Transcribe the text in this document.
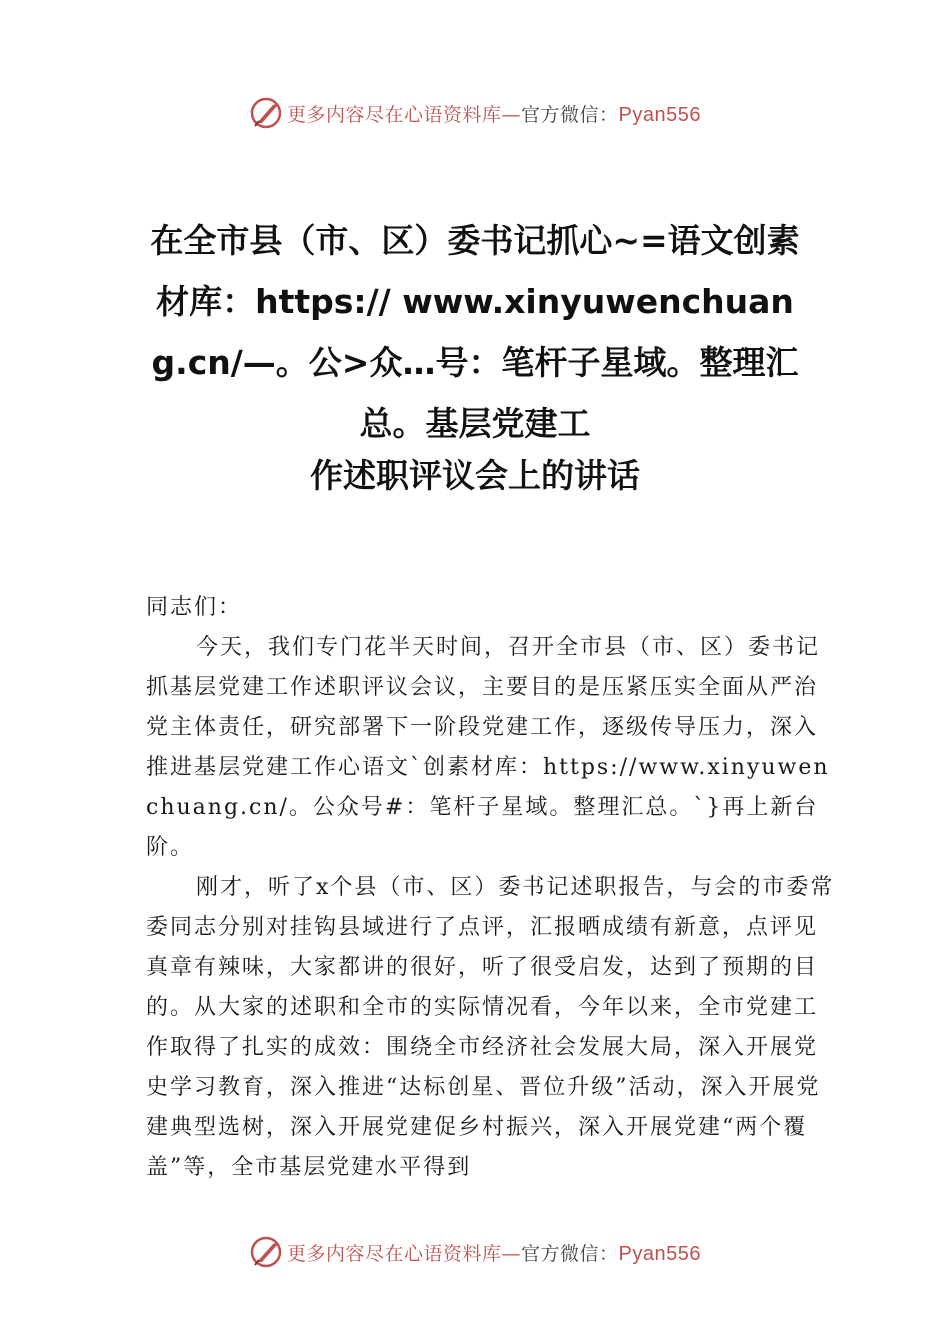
更多内容尽在心语资料库—官方微信：Pyan556
在全市县（市、区）委书记抓心~=语文创素材库：https:// www.xinyuwenchuang.cn/—。公>众…号：笔杆子星域。整理汇总。基层党建工
作述职评议会上的讲话

同志们：

今天，我们专门花半天时间，召开全市县（市、区）委书记抓基层党建工作述职评议会议，主要目的是压紧压实全面从严治党主体责任，研究部署下一阶段党建工作，逐级传导压力，深入推进基层党建工作心语文`创素材库：https://www.xinyuwenchuang.cn/。公众号#：笔杆子星域。整理汇总。`}再上新台阶。

刚才，听了x个县（市、区）委书记述职报告，与会的市委常委同志分别对挂钩县域进行了点评，汇报晒成绩有新意，点评见真章有辣味，大家都讲的很好，听了很受启发，达到了预期的目的。从大家的述职和全市的实际情况看，今年以来，全市党建工作取得了扎实的成效：围绕全市经济社会发展大局，深入开展党史学习教育，深入推进“达标创星、晋位升级”活动，深入开展党建典型选树，深入开展党建促乡村振兴，深入开展党建“两个覆盖”等，全市基层党建水平得到

更多内容尽在心语资料库—官方微信：Pyan556
